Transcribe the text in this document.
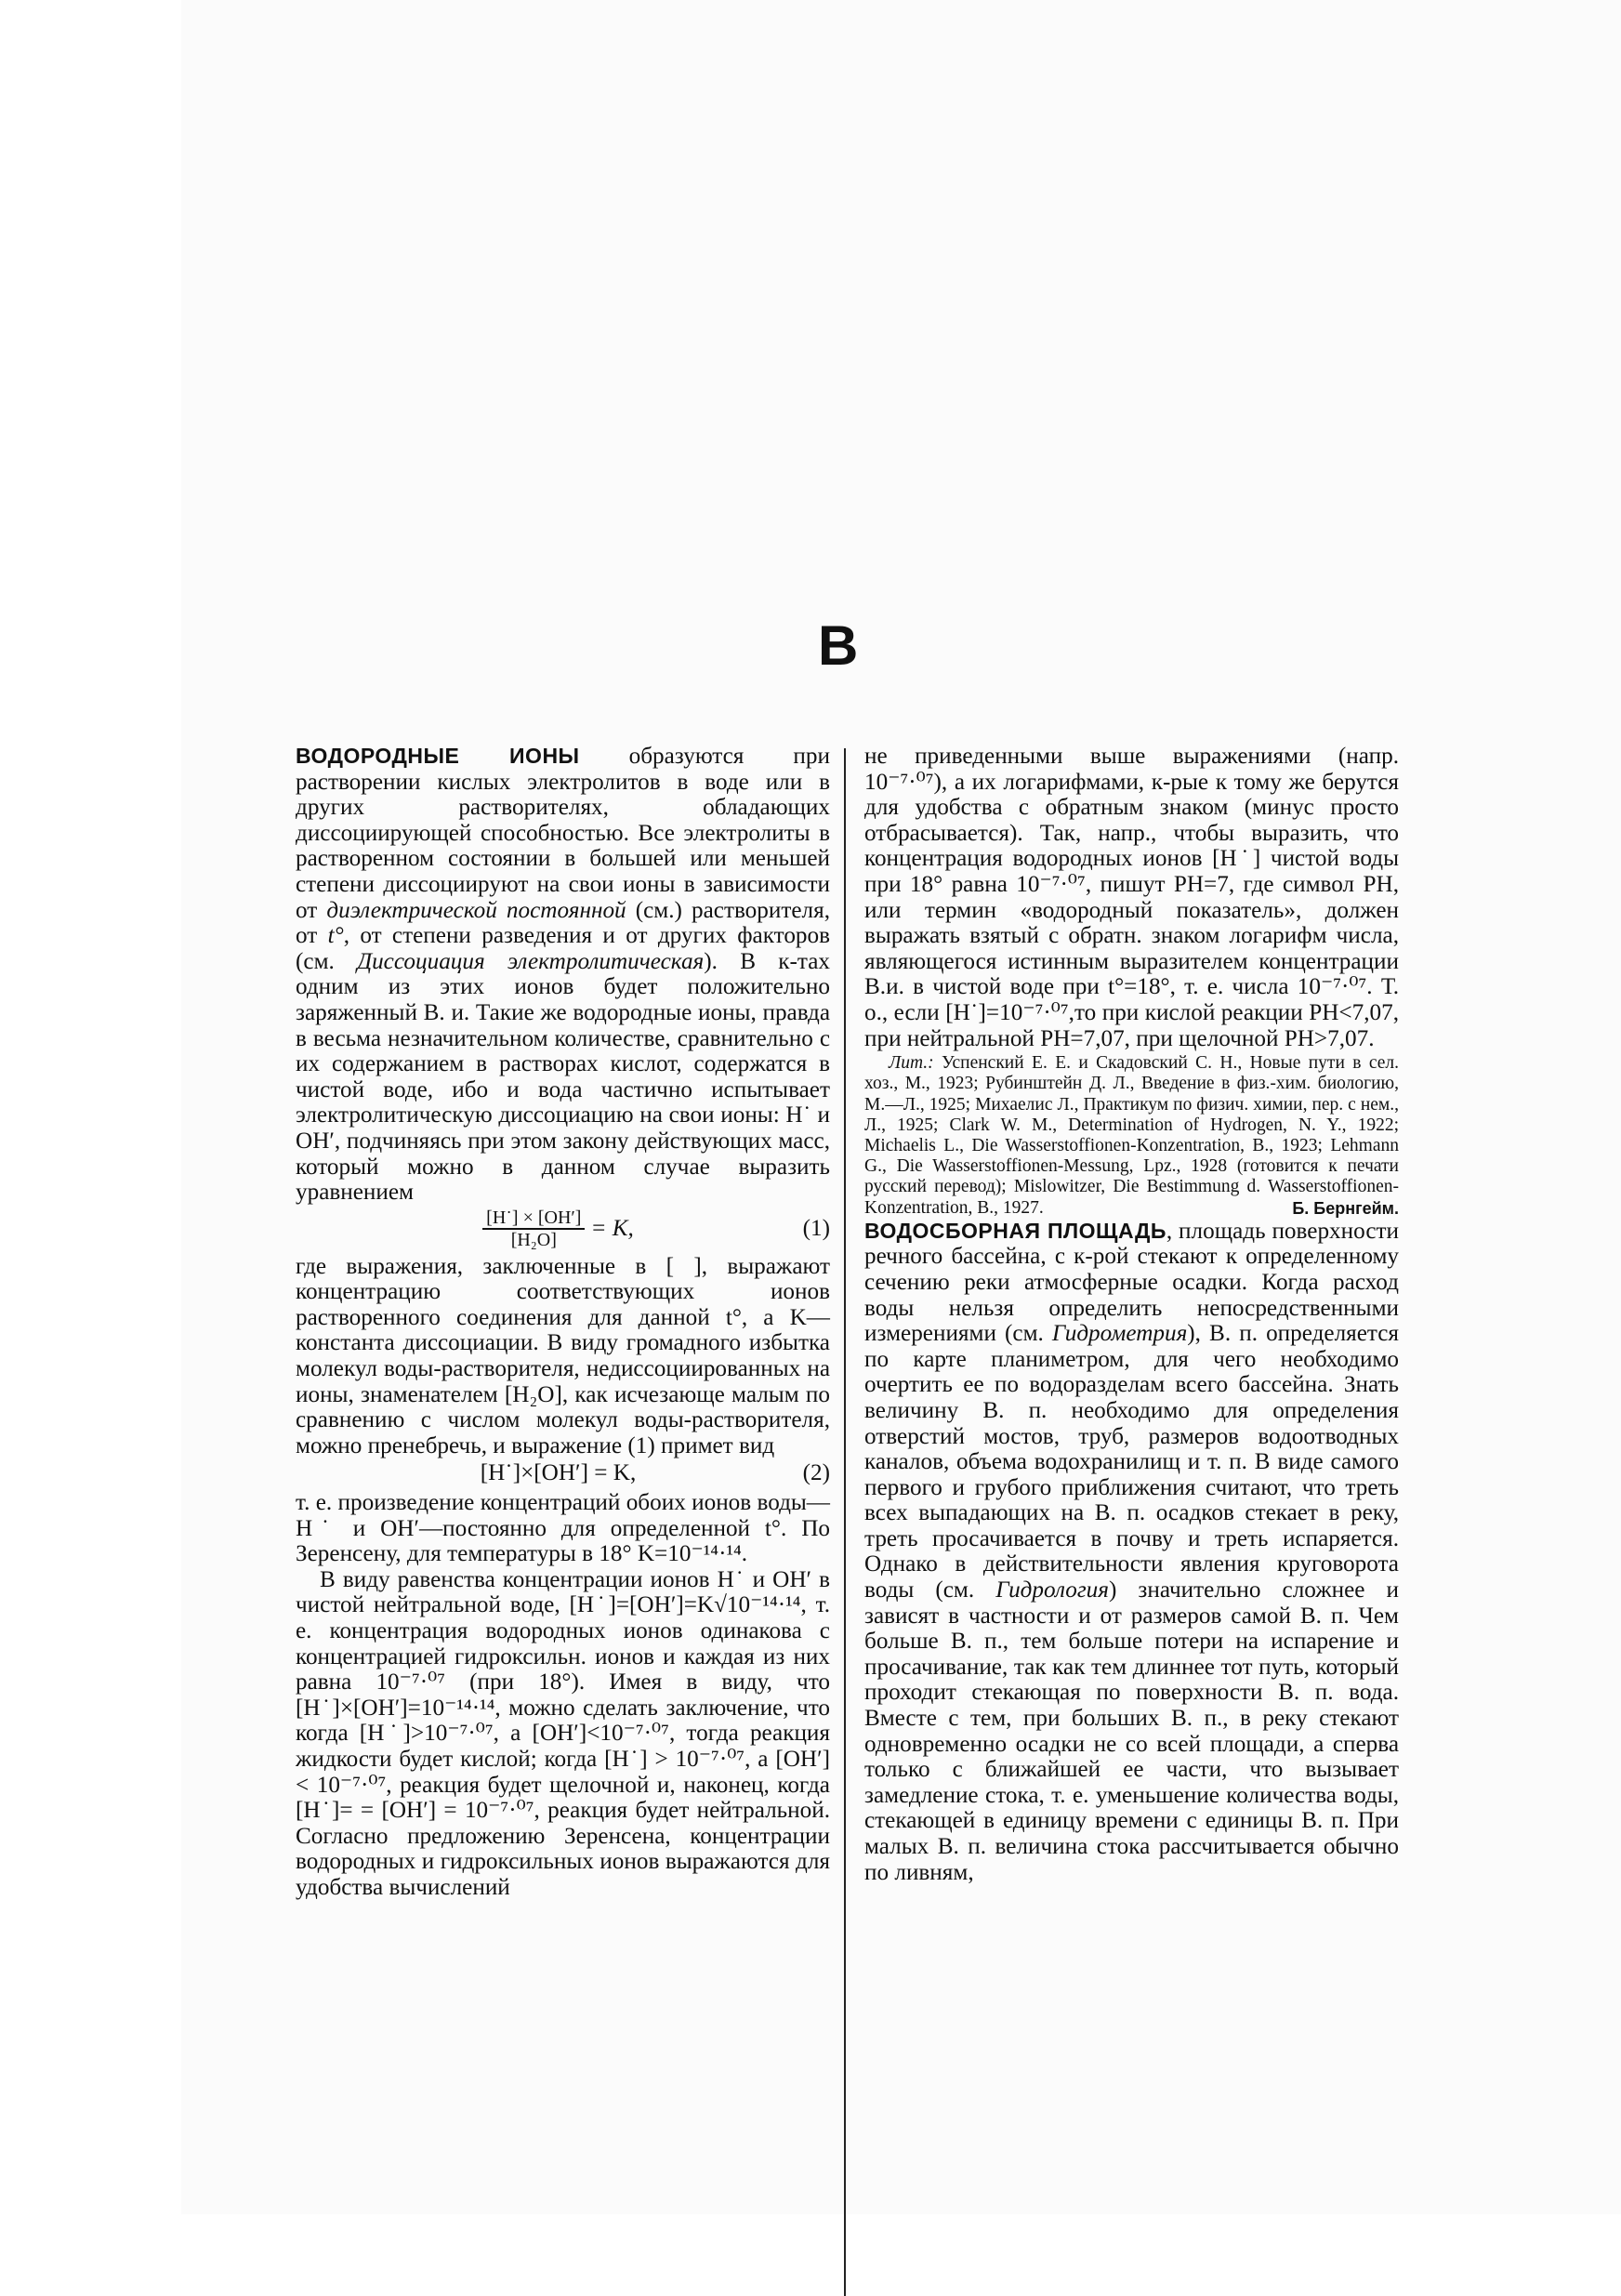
В

ВОДОРОДНЫЕ ИОНЫ образуются при растворении кислых электролитов в воде или в других растворителях, обладающих диссоциирующей способностью. Все электролиты в растворенном состоянии в большей или меньшей степени диссоциируют на свои ионы в зависимости от диэлектрической постоянной (см.) растворителя, от t°, от степени разведения и от других факторов (см. Диссоциация электролитическая). В к-тах одним из этих ионов будет положительно заряженный В. и. Такие же водородные ионы, правда в весьма незначительном количестве, сравнительно с их содержанием в растворах кислот, содержатся в чистой воде, ибо и вода частично испытывает электролитическую диссоциацию на свои ионы: H˙ и OH′, подчиняясь при этом закону действующих масс, который можно в данном случае выразить уравнением

$\frac{[H˙] \times [OH']}{\text{[H₂O]}} = K$,	(1)

где выражения, заключенные в [ ], выражают концентрацию соответствующих ионов растворенного соединения для данной t°, а K—константа диссоциации. В виду громадного избытка молекул воды-растворителя, недиссоциированных на ионы, знаменателем [H₂O], как исчезающе малым по сравнению с числом молекул воды-растворителя, можно пренебречь, и выражение (1) примет вид

[H˙]×[OH′] = K,	(2)

т. е. произведение концентраций обоих ионов воды—H˙ и OH′—постоянно для определенной t°. По Зеренсену, для температуры в 18° K=10⁻¹⁴·¹⁴.

В виду равенства концентрации ионов H˙ и OH′ в чистой нейтральной воде, [H˙]=[OH′]=K√10⁻¹⁴·¹⁴, т. е. концентрация водородных ионов одинакова с концентрацией гидроксильн. ионов и каждая из них равна 10⁻⁷·⁰⁷ (при 18°). Имея в виду, что [H˙]×[OH′]=10⁻¹⁴·¹⁴, можно сделать заключение, что когда [H˙]>10⁻⁷·⁰⁷, а [OH′]<10⁻⁷·⁰⁷, тогда реакция жидкости будет кислой; когда [H˙] > 10⁻⁷·⁰⁷, а [OH′] < 10⁻⁷·⁰⁷, реакция будет щелочной и, наконец, когда [H˙]= = [OH′] = 10⁻⁷·⁰⁷, реакция будет нейтральной. Согласно предложению Зеренсена, концентрации водородных и гидроксильных ионов выражаются для удобства вычислений

не приведенными выше выражениями (напр. 10⁻⁷·⁰⁷), а их логарифмами, к-рые к тому же берутся для удобства с обратным знаком (минус просто отбрасывается). Так, напр., чтобы выразить, что концентрация водородных ионов [H˙] чистой воды при 18° равна 10⁻⁷·⁰⁷, пишут PH=7, где символ PH, или термин «водородный показатель», должен выражать взятый с обратн. знаком логарифм числа, являющегося истинным выразителем концентрации В.и. в чистой воде при t°=18°, т. е. числа 10⁻⁷·⁰⁷. Т. о., если [H˙]=10⁻⁷·⁰⁷,то при кислой реакции PH<7,07, при нейтральной PH=7,07, при щелочной PH>7,07.

Лит.: Успенский Е. Е. и Скадовский С. Н., Новые пути в сел. хоз., М., 1923; Рубинштейн Д. Л., Введение в физ.-хим. биологию, М.—Л., 1925; Михаелис Л., Практикум по физич. химии, пер. с нем., Л., 1925; Clark W. M., Determination of Hydrogen, N. Y., 1922; Michaelis L., Die Wasserstoffionen-Konzentration, В., 1923; Lehmann G., Die Wasserstoffionen-Messung, Lpz., 1928 (готовится к печати русский перевод); Mislowitzer, Die Bestimmung d. Wasserstoffionen-Konzentration, В., 1927.	Б. Бернгейм.

ВОДОСБОРНАЯ ПЛОЩАДЬ, площадь поверхности речного бассейна, с к-рой стекают к определенному сечению реки атмосферные осадки. Когда расход воды нельзя определить непосредственными измерениями (см. Гидрометрия), В. п. определяется по карте планиметром, для чего необходимо очертить ее по водоразделам всего бассейна. Знать величину В. п. необходимо для определения отверстий мостов, труб, размеров водоотводных каналов, объема водохранилищ и т. п. В виде самого первого и грубого приближения считают, что треть всех выпадающих на В. п. осадков стекает в реку, треть просачивается в почву и треть испаряется. Однако в действительности явления круговорота воды (см. Гидрология) значительно сложнее и зависят в частности и от размеров самой В. п. Чем больше В. п., тем больше потери на испарение и просачивание, так как тем длиннее тот путь, который проходит стекающая по поверхности В. п. вода. Вместе с тем, при больших В. п., в реку стекают одновременно осадки не со всей площади, а сперва только с ближайшей ее части, что вызывает замедление стока, т. е. уменьшение количества воды, стекающей в единицу времени с единицы В. п. При малых В. п. величина стока рассчитывается обычно по ливням,
